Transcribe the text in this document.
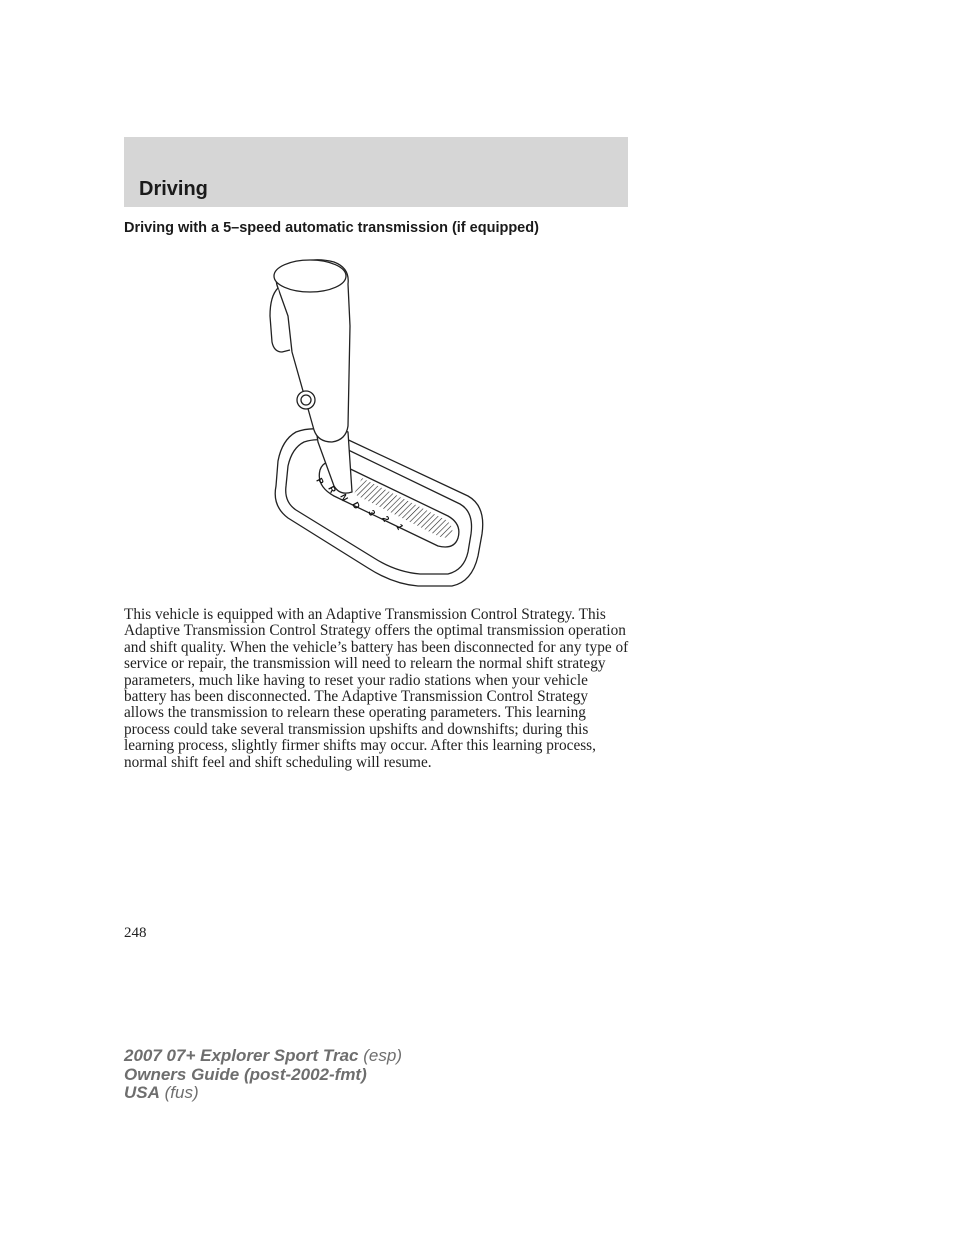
Driving
Driving with a 5–speed automatic transmission (if equipped)
P
R
N
D
3
2
1

This vehicle is equipped with an Adaptive Transmission Control Strategy. This Adaptive Transmission Control Strategy offers the optimal transmission operation and shift quality. When the vehicle’s battery has been disconnected for any type of service or repair, the transmission will need to relearn the normal shift strategy parameters, much like having to reset your radio stations when your vehicle battery has been disconnected. The Adaptive Transmission Control Strategy allows the transmission to relearn these operating parameters. This learning process could take several transmission upshifts and downshifts; during this learning process, slightly firmer shifts may occur. After this learning process, normal shift feel and shift scheduling will resume.

248
2007 07+ Explorer Sport Trac (esp)
Owners Guide (post-2002-fmt)
USA (fus)
